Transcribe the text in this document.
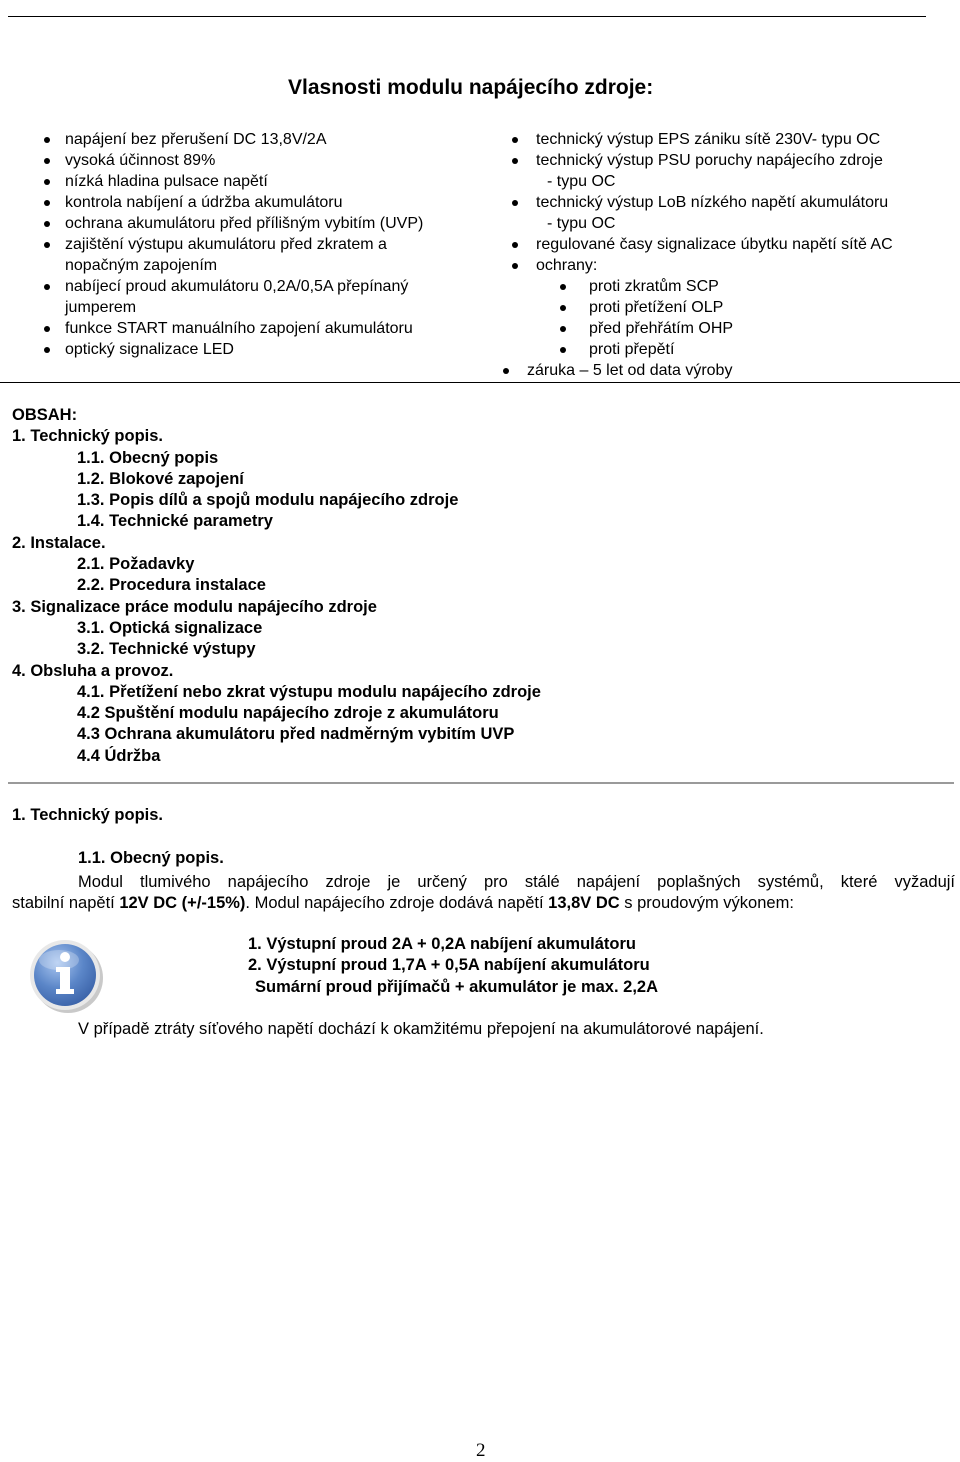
www.pulsar.pl	MSRK2012
Vlasnosti modulu napájecího zdroje:
napájení bez přerušení DC 13,8V/2A
vysoká účinnost 89%
nízká hladina pulsace napětí
kontrola nabíjení a údržba akumulátoru
ochrana akumulátoru před přílišným vybitím (UVP)
zajištění výstupu akumulátoru před zkratem a
nopačným zapojením
nabíjecí proud akumulátoru 0,2A/0,5A přepínaný
jumperem
funkce START manuálního zapojení akumulátoru
optický signalizace LED
technický výstup EPS zániku sítě 230V- typu OC
technický výstup PSU poruchy napájecího zdroje
- typu OC
technický výstup LoB nízkého napětí akumulátoru
- typu OC
regulované časy signalizace úbytku napětí sítě AC
ochrany:
proti zkratům SCP
proti přetížení OLP
před přehřátím OHP
proti přepětí
záruka – 5 let od data výroby
OBSAH:
1. Technický popis.
1.1. Obecný popis
1.2. Blokové zapojení
1.3. Popis dílů a spojů modulu napájecího zdroje
1.4. Technické parametry
2. Instalace.
2.1. Požadavky
2.2. Procedura instalace
3. Signalizace práce modulu napájecího zdroje
3.1. Optická signalizace
3.2. Technické výstupy
4. Obsluha a provoz.
4.1. Přetížení nebo zkrat výstupu modulu napájecího zdroje
4.2 Spuštění modulu napájecího zdroje z akumulátoru
4.3 Ochrana akumulátoru před nadměrným vybitím UVP
4.4 Údržba
1. Technický popis.
1.1. Obecný popis.
Modul tlumivého napájecího zdroje je určený pro stálé napájení poplašných systémů, které vyžadují
stabilní napětí 12V DC (+/-15%). Modul napájecího zdroje dodává napětí 13,8V DC s proudovým výkonem:
1. Výstupní proud 2A + 0,2A nabíjení akumulátoru
2. Výstupní proud 1,7A + 0,5A nabíjení akumulátoru
Sumární proud přijímačů + akumulátor je max. 2,2A
V případě ztráty síťového napětí dochází k okamžitému přepojení na akumulátorové napájení.
2
